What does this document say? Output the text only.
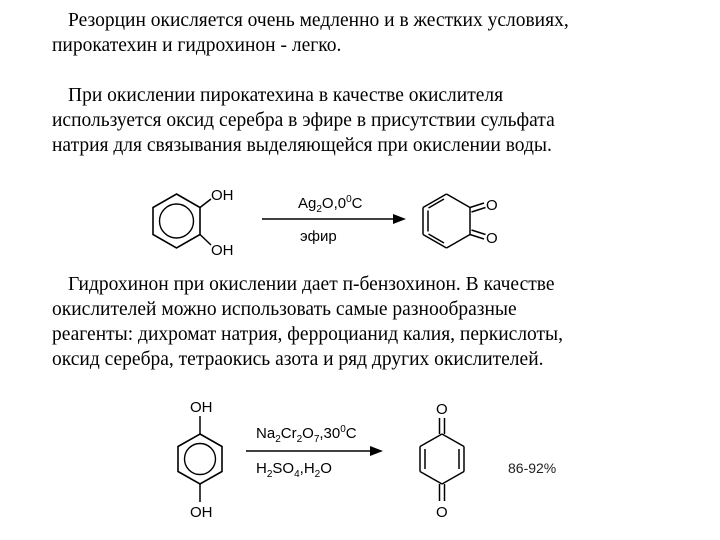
Резорцин окисляется очень медленно и в жестких условиях,
пирокатехин и гидрохинон - легко.
При окислении пирокатехина в качестве окислителя
используется оксид серебра в эфире в присутствии сульфата
натрия для связывания выделяющейся при окислении воды.
OH
OH
$Ag_2O,0^0C$
эфир
O
O
Гидрохинон при окислении дает п-бензохинон. В качестве
окислителей можно использовать самые разнообразные
реагенты: дихромат натрия, ферроцианид калия, перкислоты,
оксид серебра, тетраокись азота и ряд других окислителей.
OH
OH
$Na_2Cr_2O_7,30^0C$
$H_2SO_4,H_2O$
O
O
86-92%
